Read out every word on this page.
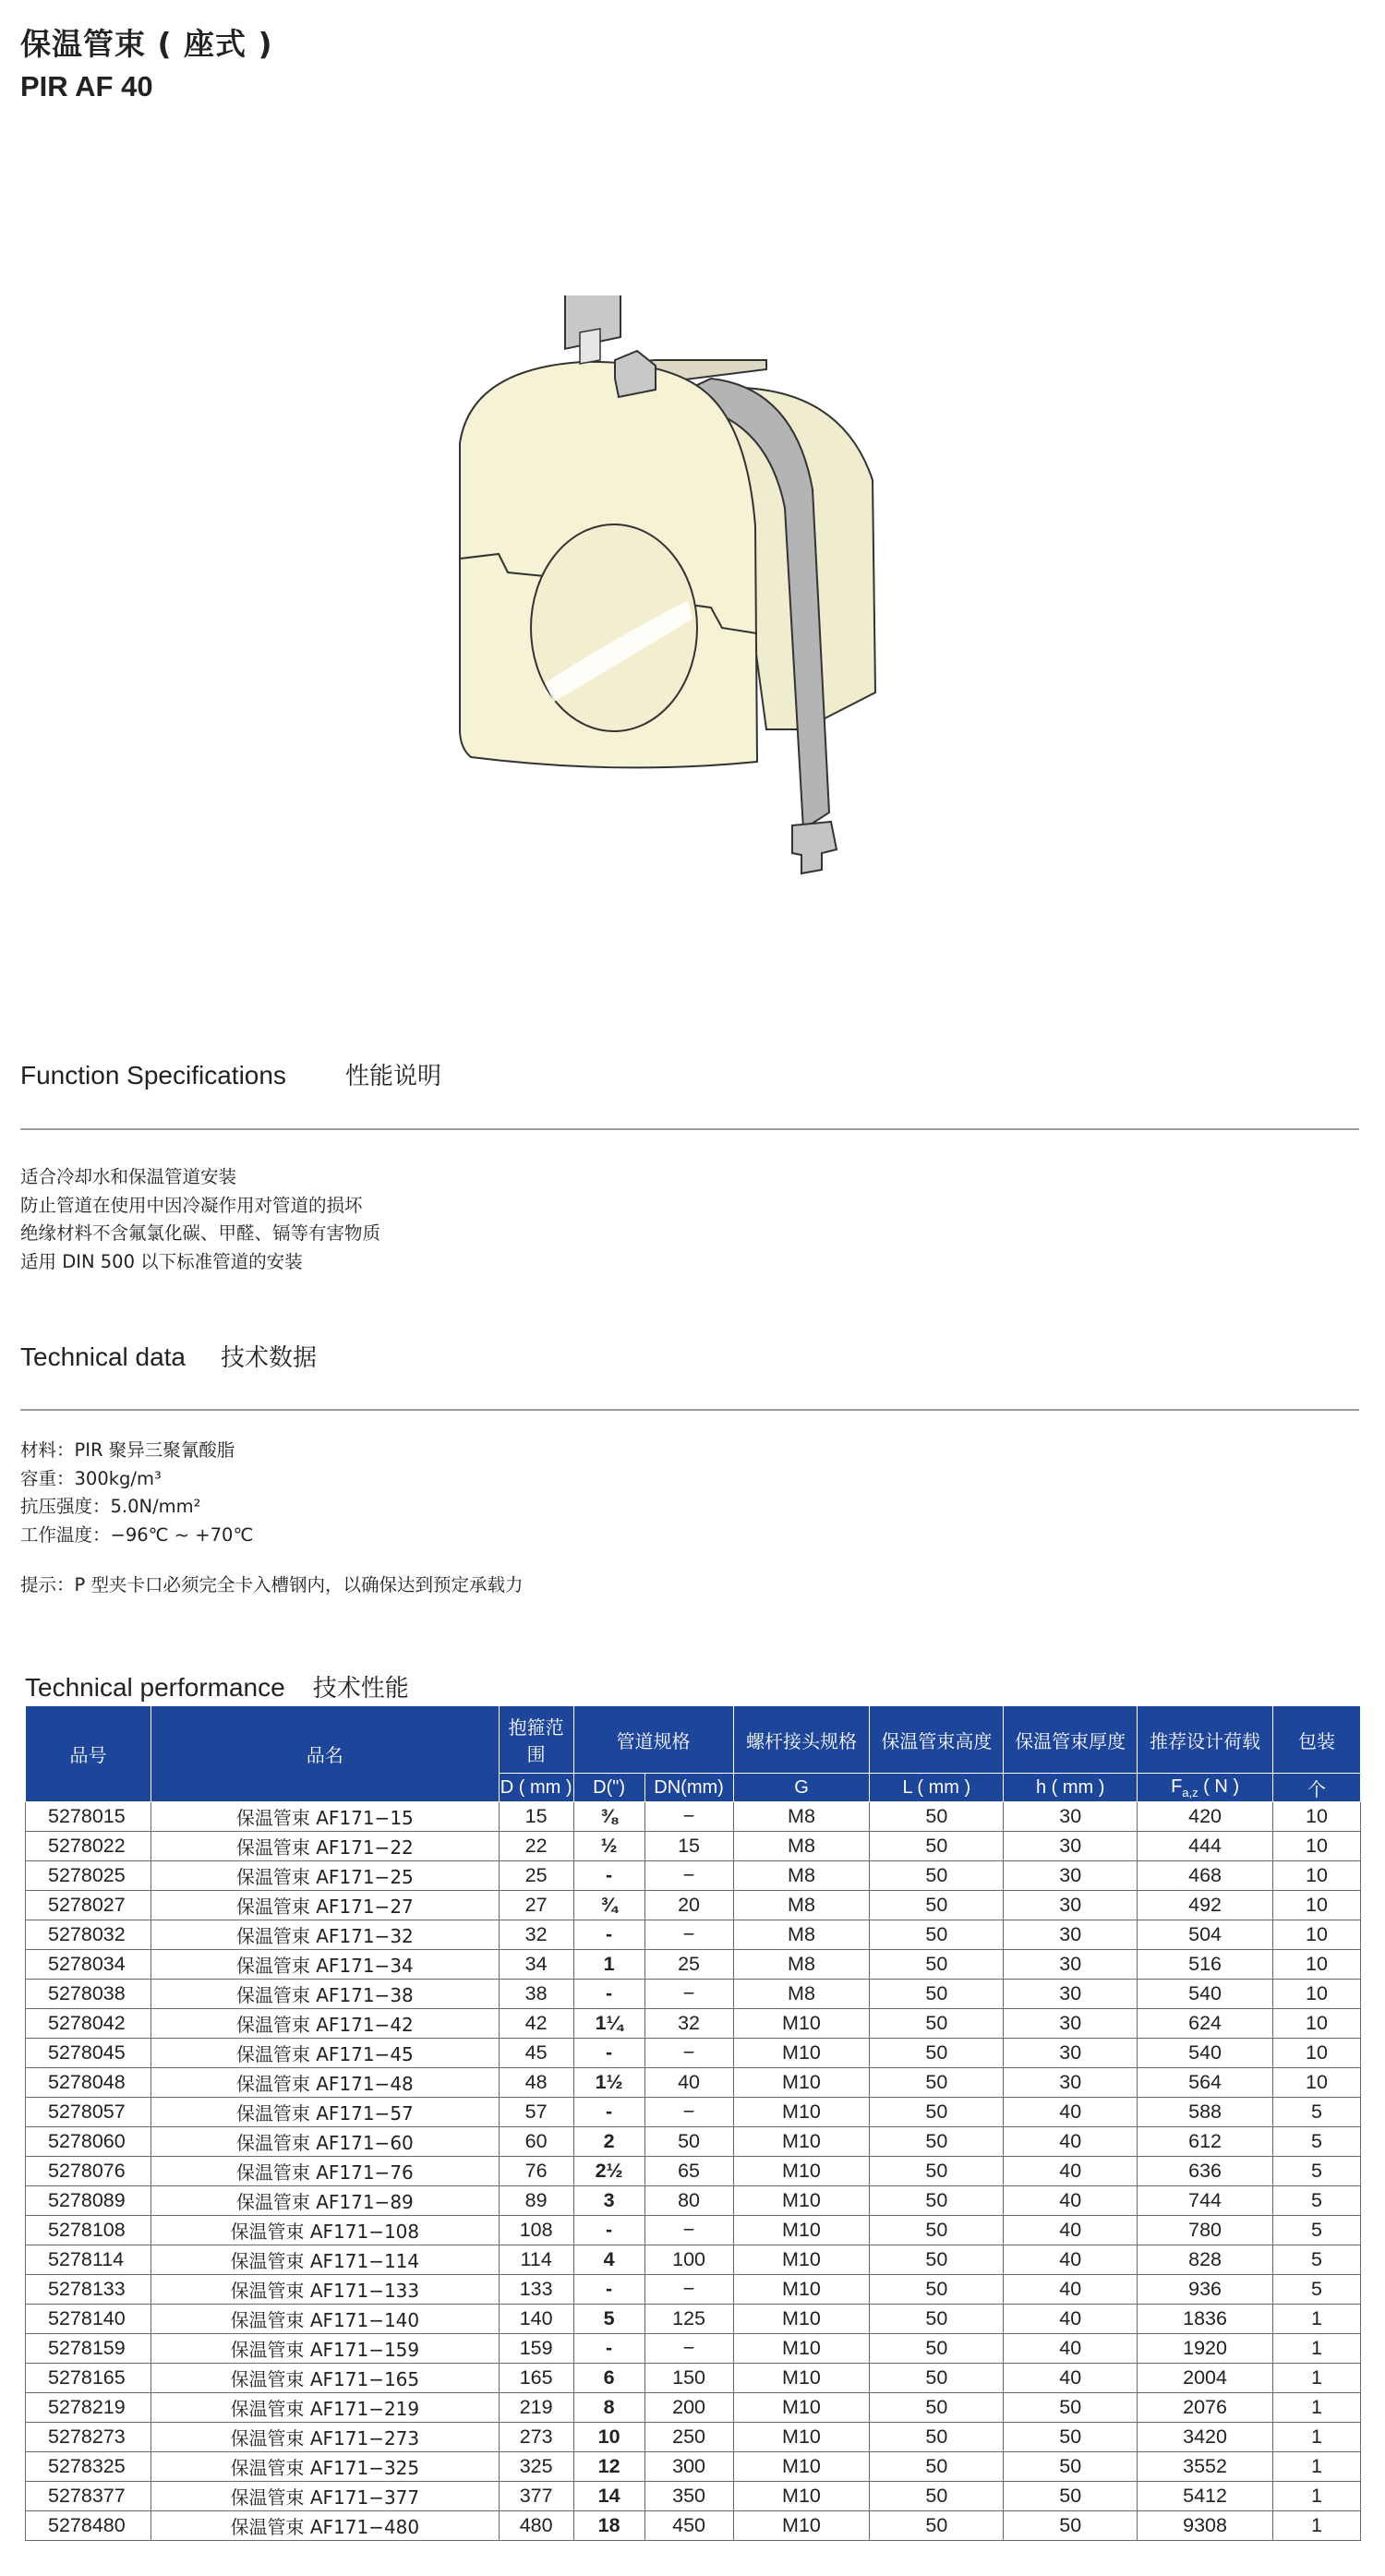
保温管束 ( 座式 )
PIR AF 40
Function Specifications 性能说明
适合冷却水和保温管道安装
防止管道在使用中因冷凝作用对管道的损坏
绝缘材料不含氟氯化碳、甲醛、镉等有害物质
适用 DIN 500 以下标准管道的安装
Technical data 技术数据
材料：PIR 聚异三聚氰酸脂
容重：300kg/m³
抗压强度：5.0N/mm²
工作温度：−96℃ ~ +70℃
提示：P 型夹卡口必须完全卡入槽钢内，以确保达到预定承载力
Technical performance 技术性能
品号	品名	抱箍范围	管道规格		螺杆接头规格	保温管束高度	保温管束厚度	推荐设计荷载	包装
		D ( mm )	D(")	DN(mm)	G	L ( mm )	h ( mm )	$F_{a,z}$ ( N )	个
5278015	保温管束 AF171−15	15	⅜	−	M8	50	30	420	10
5278022	保温管束 AF171−22	22	½	15	M8	50	30	444	10
5278025	保温管束 AF171−25	25	-	−	M8	50	30	468	10
5278027	保温管束 AF171−27	27	¾	20	M8	50	30	492	10
5278032	保温管束 AF171−32	32	-	−	M8	50	30	504	10
5278034	保温管束 AF171−34	34	1	25	M8	50	30	516	10
5278038	保温管束 AF171−38	38	-	−	M8	50	30	540	10
5278042	保温管束 AF171−42	42	1¼	32	M10	50	30	624	10
5278045	保温管束 AF171−45	45	-	−	M10	50	30	540	10
5278048	保温管束 AF171−48	48	1½	40	M10	50	30	564	10
5278057	保温管束 AF171−57	57	-	−	M10	50	40	588	5
5278060	保温管束 AF171−60	60	2	50	M10	50	40	612	5
5278076	保温管束 AF171−76	76	2½	65	M10	50	40	636	5
5278089	保温管束 AF171−89	89	3	80	M10	50	40	744	5
5278108	保温管束 AF171−108	108	-	−	M10	50	40	780	5
5278114	保温管束 AF171−114	114	4	100	M10	50	40	828	5
5278133	保温管束 AF171−133	133	-	−	M10	50	40	936	5
5278140	保温管束 AF171−140	140	5	125	M10	50	40	1836	1
5278159	保温管束 AF171−159	159	-	−	M10	50	40	1920	1
5278165	保温管束 AF171−165	165	6	150	M10	50	40	2004	1
5278219	保温管束 AF171−219	219	8	200	M10	50	50	2076	1
5278273	保温管束 AF171−273	273	10	250	M10	50	50	3420	1
5278325	保温管束 AF171−325	325	12	300	M10	50	50	3552	1
5278377	保温管束 AF171−377	377	14	350	M10	50	50	5412	1
5278480	保温管束 AF171−480	480	18	450	M10	50	50	9308	1
